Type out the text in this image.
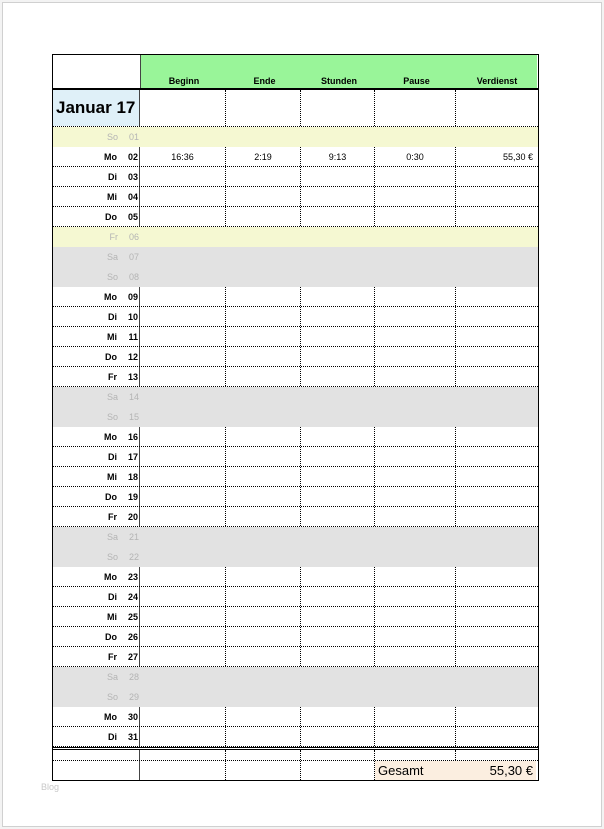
Beginn	Ende	Stunden	Pause	Verdienst
Januar 17
So	01
Mo	02	16:36	2:19	9:13	0:30	55,30 €
Di	03
Mi	04
Do	05
Fr	06
Sa	07
So	08
Mo	09
Di	10
Mi	11
Do	12
Fr	13
Sa	14
So	15
Mo	16
Di	17
Mi	18
Do	19
Fr	20
Sa	21
So	22
Mo	23
Di	24
Mi	25
Do	26
Fr	27
Sa	28
So	29
Mo	30
Di	31
Gesamt	55,30 €
Blog
